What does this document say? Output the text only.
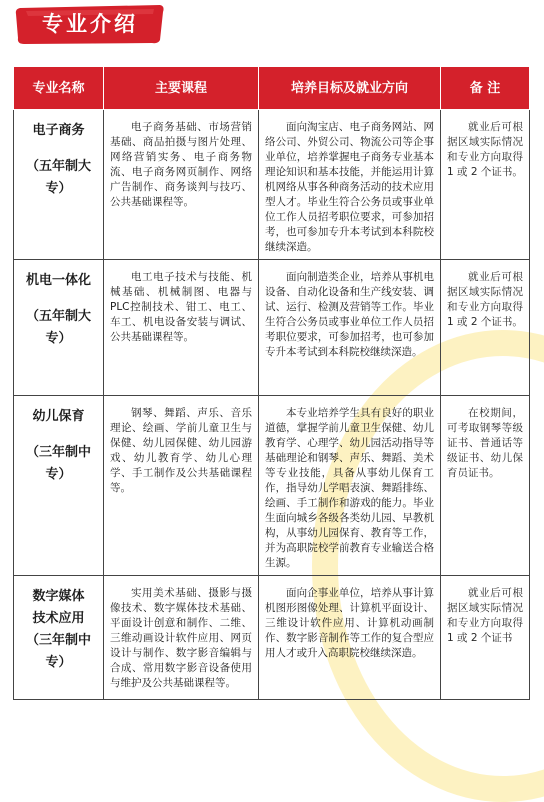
专业介绍
专业名称	主要课程	培养目标及就业方向	备 注

电子商务
（五年制大专）	电子商务基础、市场营销基础、商品拍摄与图片处理、网络营销实务、电子商务物流、电子商务网页制作、网络广告制作、商务谈判与技巧、公共基础课程等。	面向淘宝店、电子商务网站、网络公司、外贸公司、物流公司等企事业单位，培养掌握电子商务专业基本理论知识和基本技能，并能运用计算机网络从事各种商务活动的技术应用型人才。毕业生符合公务员或事业单位工作人员招考职位要求，可参加招考，也可参加专升本考试到本科院校继续深造。	就业后可根据区域实际情况和专业方向取得 1 或 2 个证书。

机电一体化
（五年制大专）	电工电子技术与技能、机械基础、机械制图、电器与PLC控制技术、钳工、电工、车工、机电设备安装与调试、公共基础课程等。	面向制造类企业，培养从事机电设备、自动化设备和生产线安装、调试、运行、检测及营销等工作。毕业生符合公务员或事业单位工作人员招考职位要求，可参加招考，也可参加专升本考试到本科院校继续深造。	就业后可根据区域实际情况和专业方向取得 1 或 2 个证书。

幼儿保育
（三年制中专）	钢琴、舞蹈、声乐、音乐理论、绘画、学前儿童卫生与保健、幼儿园保健、幼儿园游戏、幼儿教育学、幼儿心理学、手工制作及公共基础课程等。	本专业培养学生具有良好的职业道德，掌握学前儿童卫生保健、幼儿教育学、心理学、幼儿园活动指导等基础理论和钢琴、声乐、舞蹈、美术等专业技能，具备从事幼儿保育工作，指导幼儿学唱表演、舞蹈排练、绘画、手工制作和游戏的能力。毕业生面向城乡各级各类幼儿园、早教机构，从事幼儿园保育、教育等工作，并为高职院校学前教育专业输送合格生源。	在校期间，可考取钢琴等级证书、普通话等级证书、幼儿保育员证书。

数字媒体
技术应用
（三年制中专）	实用美术基础、摄影与摄像技术、数字媒体技术基础、平面设计创意和制作、二维、三维动画设计软件应用、网页设计与制作、数字影音编辑与合成、常用数字影音设备使用与维护及公共基础课程等。	面向企事业单位，培养从事计算机图形图像处理、计算机平面设计、三维设计软件应用、计算机动画制作、数字影音制作等工作的复合型应用人才或升入高职院校继续深造。	就业后可根据区域实际情况和专业方向取得 1 或 2 个证书
